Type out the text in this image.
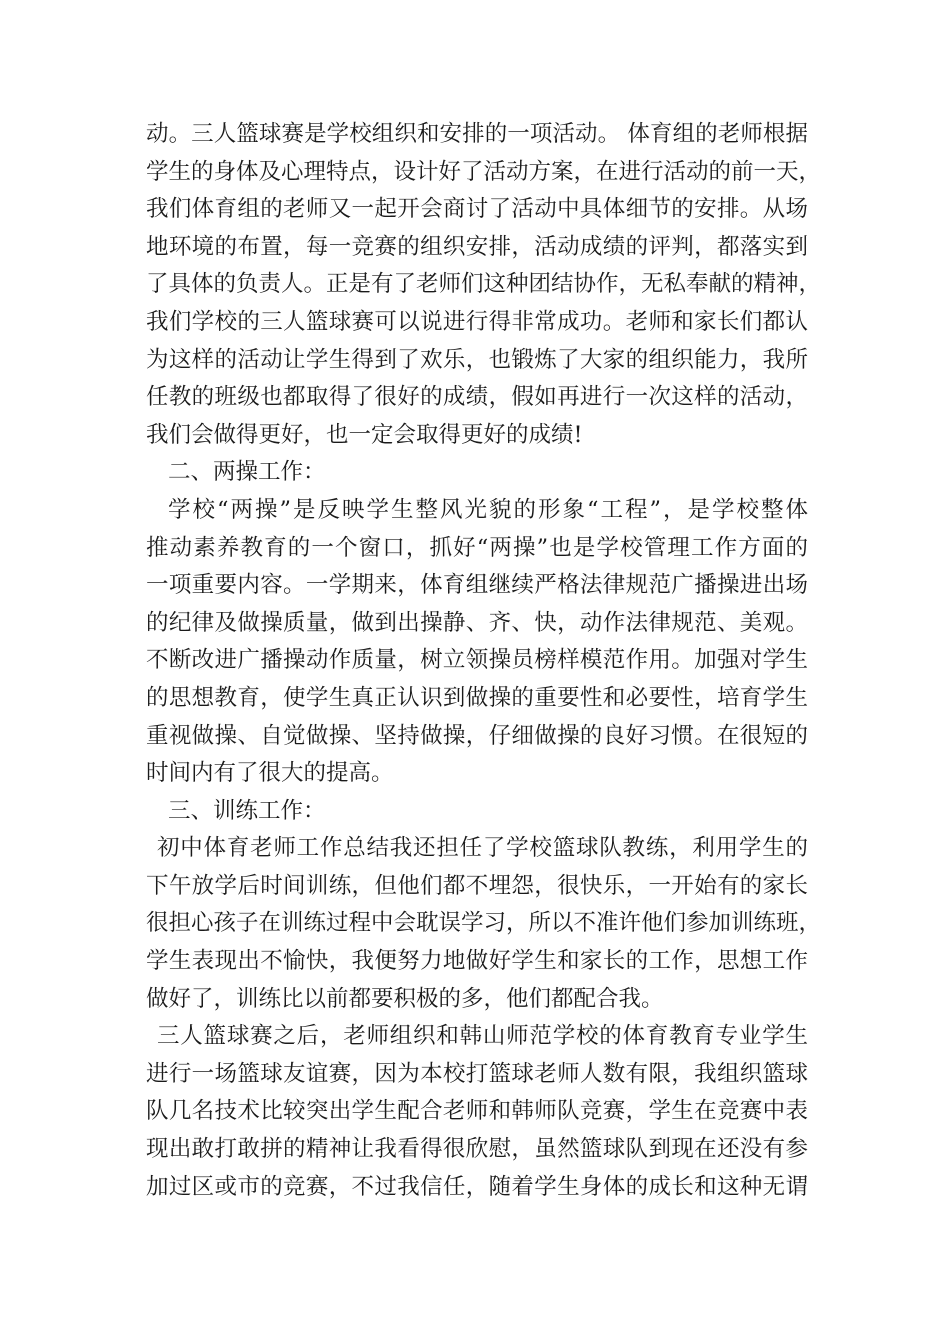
动。三人篮球赛是学校组织和安排的一项活动。 体育组的老师根据
学生的身体及心理特点，设计好了活动方案，在进行活动的前一天，
我们体育组的老师又一起开会商讨了活动中具体细节的安排。从场
地环境的布置，每一竞赛的组织安排，活动成绩的评判，都落实到
了具体的负责人。正是有了老师们这种团结协作，无私奉献的精神，
我们学校的三人篮球赛可以说进行得非常成功。老师和家长们都认
为这样的活动让学生得到了欢乐，也锻炼了大家的组织能力，我所
任教的班级也都取得了很好的成绩，假如再进行一次这样的活动，
我们会做得更好，也一定会取得更好的成绩!
二、两操工作：
学校“两操”是反映学生整风光貌的形象“工程”，是学校整体
推动素养教育的一个窗口，抓好“两操”也是学校管理工作方面的
一项重要内容。一学期来，体育组继续严格法律规范广播操进出场
的纪律及做操质量，做到出操静、齐、快，动作法律规范、美观。
不断改进广播操动作质量，树立领操员榜样模范作用。加强对学生
的思想教育，使学生真正认识到做操的重要性和必要性，培育学生
重视做操、自觉做操、坚持做操，仔细做操的良好习惯。在很短的
时间内有了很大的提高。
三、训练工作：
初中体育老师工作总结我还担任了学校篮球队教练，利用学生的
下午放学后时间训练，但他们都不埋怨，很快乐，一开始有的家长
很担心孩子在训练过程中会耽误学习，所以不准许他们参加训练班，
学生表现出不愉快，我便努力地做好学生和家长的工作，思想工作
做好了，训练比以前都要积极的多，他们都配合我。
三人篮球赛之后，老师组织和韩山师范学校的体育教育专业学生
进行一场篮球友谊赛，因为本校打篮球老师人数有限，我组织篮球
队几名技术比较突出学生配合老师和韩师队竞赛，学生在竞赛中表
现出敢打敢拼的精神让我看得很欣慰，虽然篮球队到现在还没有参
加过区或市的竞赛，不过我信任，随着学生身体的成长和这种无谓
